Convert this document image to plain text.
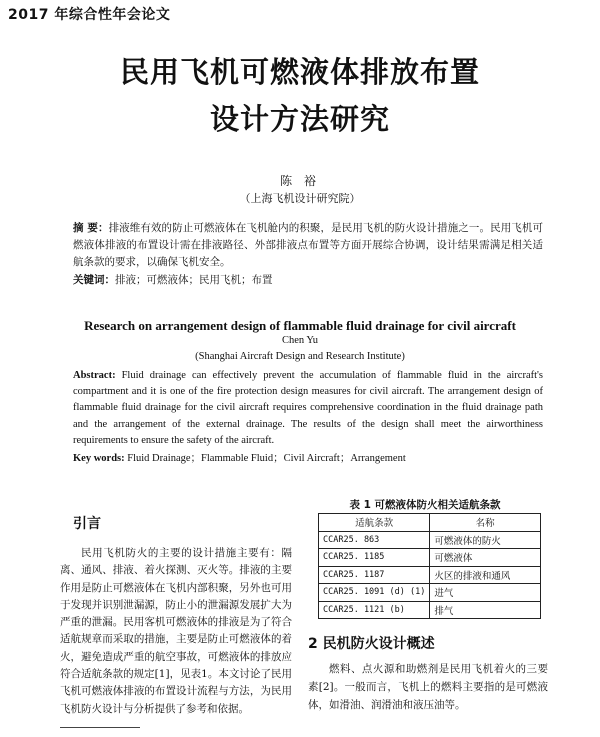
2017 年综合性年会论文
民用飞机可燃液体排放布置
设计方法研究
陈 裕
（上海飞机设计研究院）
摘 要：排液维有效的防止可燃液体在飞机舱内的积聚，是民用飞机的防火设计措施之一。民用飞机可燃液体排液的布置设计需在排液路径、外部排液点布置等方面开展综合协调，设计结果需满足相关适航条款的要求，以确保飞机安全。
关键词：排液；可燃液体；民用飞机；布置
Research on arrangement design of flammable fluid drainage for civil aircraft
Chen Yu
(Shanghai Aircraft Design and Research Institute)
Abstract: Fluid drainage can effectively prevent the accumulation of flammable fluid in the aircraft's compartment and it is one of the fire protection design measures for civil aircraft. The arrangement design of flammable fluid drainage for the civil aircraft requires comprehensive coordination in the fluid drainage path and the arrangement of the external drainage. The results of the design shall meet the airworthiness requirements to ensure the safety of the aircraft.
Key words: Fluid Drainage；Flammable Fluid；Civil Aircraft；Arrangement
引言

民用飞机防火的主要的设计措施主要有：隔离、通风、排液、着火探测、灭火等。排液的主要作用是防止可燃液体在飞机内部积聚，另外也可用于发现并识别泄漏源，防止小的泄漏源发展扩大为严重的泄漏。民用客机可燃液体的排液是为了符合适航规章而采取的措施，主要是防止可燃液体的着火，避免造成严重的航空事故，可燃液体的排放应符合适航条款的规定[1]，见表1。本文讨论了民用飞机可燃液体排液的布置设计流程与方法，为民用飞机防火设计与分析提供了参考和依据。

表 1 可燃液体防火相关适航条款
适航条款	名称
CCAR25. 863	可燃液体的防火
CCAR25. 1185	可燃液体
CCAR25. 1187	火区的排液和通风
CCAR25. 1091 (d) (1)	进气
CCAR25. 1121 (b)	排气
2 民机防火设计概述
燃料、点火源和助燃剂是民用飞机着火的三要素[2]。一般而言，飞机上的燃料主要指的是可燃液体，如滑油、润滑油和液压油等。
